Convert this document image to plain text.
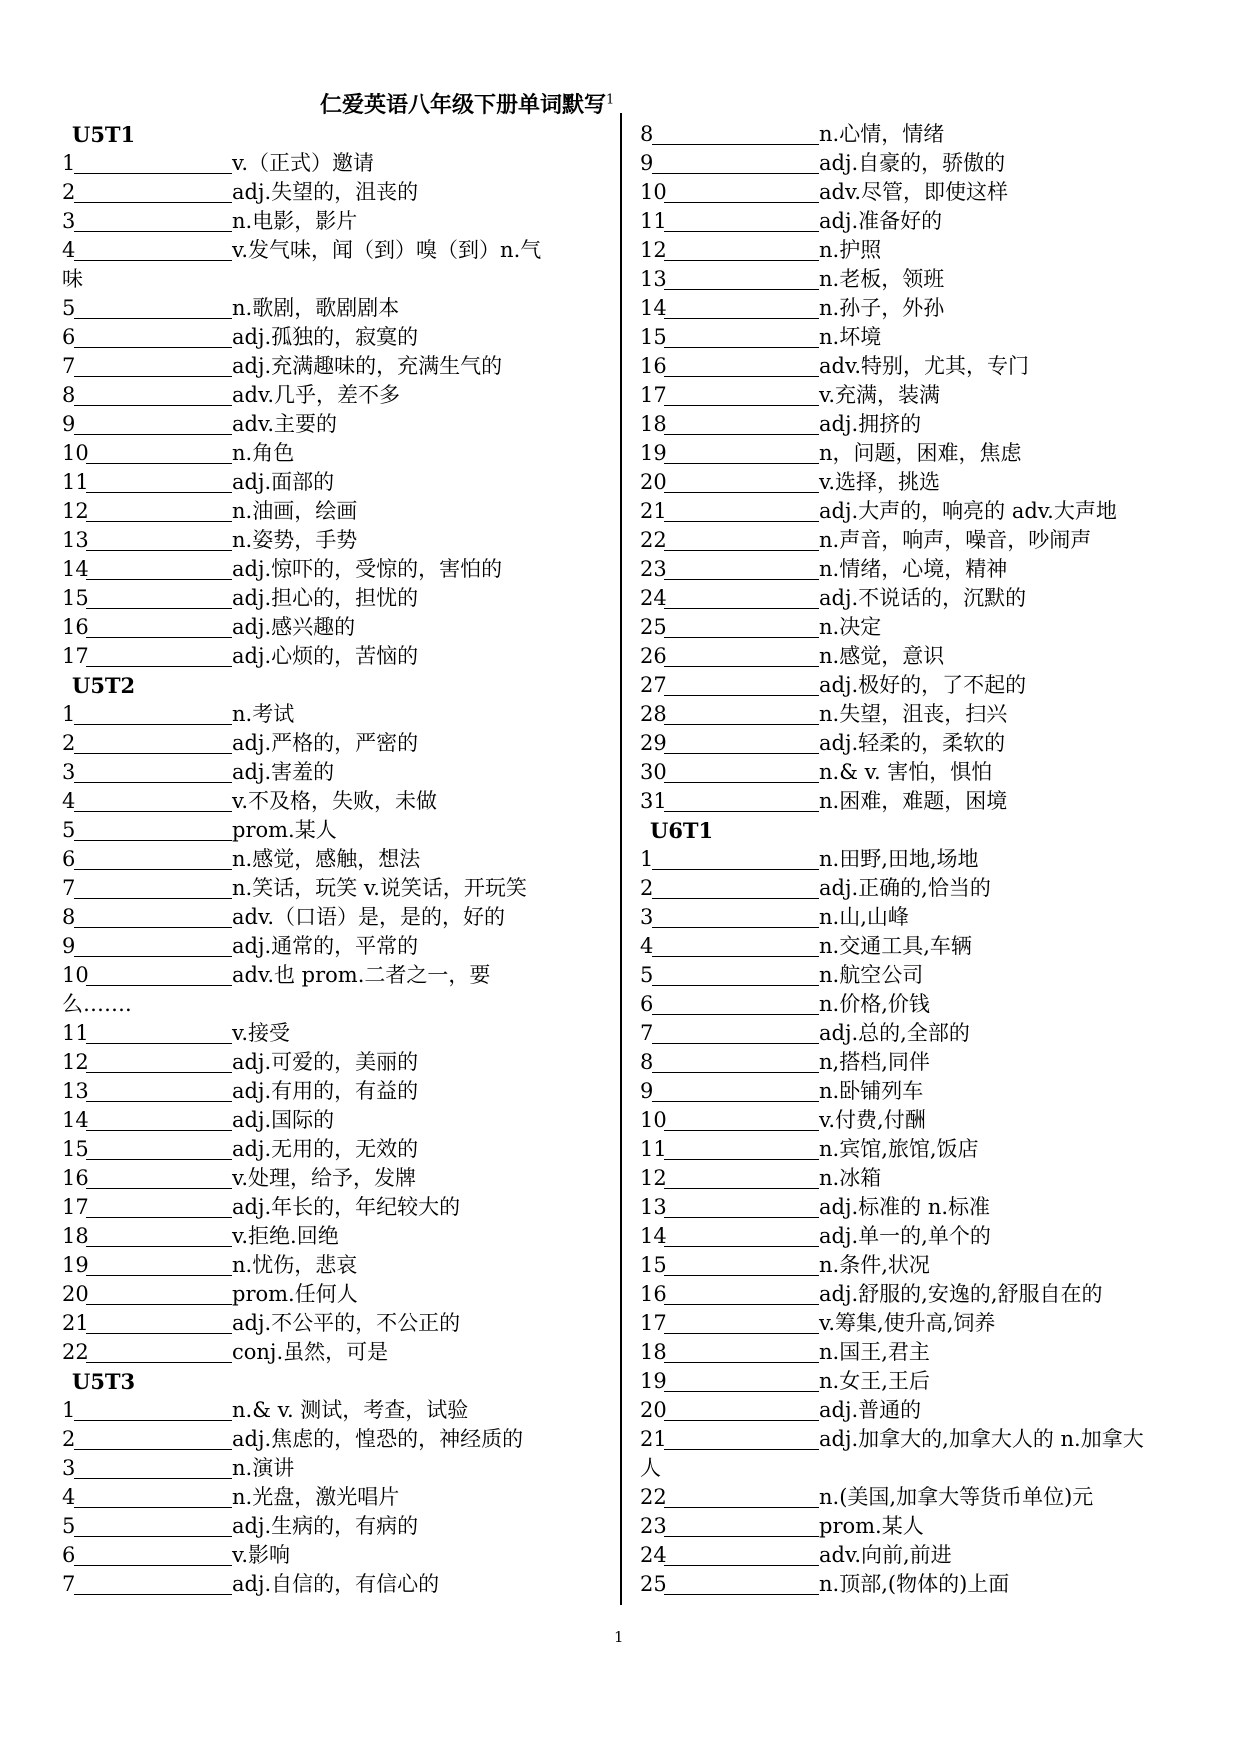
仁爱英语八年级下册单词默写$^1$
U5T1
1	v.（正式）邀请
2	adj.失望的，沮丧的
3	n.电影，影片
4	v.发气味，闻（到）嗅（到）n.气
味
5	n.歌剧，歌剧剧本
6	adj.孤独的，寂寞的
7	adj.充满趣味的，充满生气的
8	adv.几乎，差不多
9	adv.主要的
10	n.角色
11	adj.面部的
12	n.油画，绘画
13	n.姿势，手势
14	adj.惊吓的，受惊的，害怕的
15	adj.担心的，担忧的
16	adj.感兴趣的
17	adj.心烦的，苦恼的
U5T2
1	n.考试
2	adj.严格的，严密的
3	adj.害羞的
4	v.不及格，失败，未做
5	prom.某人
6	n.感觉，感触，想法
7	n.笑话，玩笑 v.说笑话，开玩笑
8	adv.（口语）是，是的，好的
9	adj.通常的，平常的
10	adv.也 prom.二者之一，要
么…….
11	v.接受
12	adj.可爱的，美丽的
13	adj.有用的，有益的
14	adj.国际的
15	adj.无用的，无效的
16	v.处理，给予，发牌
17	adj.年长的，年纪较大的
18	v.拒绝.回绝
19	n.忧伤，悲哀
20	prom.任何人
21	adj.不公平的，不公正的
22	conj.虽然，可是
U5T3
1	n.& v. 测试，考查，试验
2	adj.焦虑的，惶恐的，神经质的
3	n.演讲
4	n.光盘，激光唱片
5	adj.生病的，有病的
6	v.影响
7	adj.自信的，有信心的
8	n.心情，情绪
9	adj.自豪的，骄傲的
10	adv.尽管，即使这样
11	adj.准备好的
12	n.护照
13	n.老板，领班
14	n.孙子，外孙
15	n.坏境
16	adv.特别，尤其，专门
17	v.充满，装满
18	adj.拥挤的
19	n，问题，困难，焦虑
20	v.选择，挑选
21	adj.大声的，响亮的 adv.大声地
22	n.声音，响声，噪音，吵闹声
23	n.情绪，心境，精神
24	adj.不说话的，沉默的
25	n.决定
26	n.感觉，意识
27	adj.极好的，了不起的
28	n.失望，沮丧，扫兴
29	adj.轻柔的，柔软的
30	n.& v. 害怕，惧怕
31	n.困难，难题，困境
U6T1
1	n.田野,田地,场地
2	adj.正确的,恰当的
3	n.山,山峰
4	n.交通工具,车辆
5	n.航空公司
6	n.价格,价钱
7	adj.总的,全部的
8	n,搭档,同伴
9	n.卧铺列车
10	v.付费,付酬
11	n.宾馆,旅馆,饭店
12	n.冰箱
13	adj.标准的 n.标准
14	adj.单一的,单个的
15	n.条件,状况
16	adj.舒服的,安逸的,舒服自在的
17	v.筹集,使升高,饲养
18	n.国王,君主
19	n.女王,王后
20	adj.普通的
21	adj.加拿大的,加拿大人的 n.加拿大
人
22	n.(美国,加拿大等货币单位)元
23	prom.某人
24	adv.向前,前进
25	n.顶部,(物体的)上面
1
